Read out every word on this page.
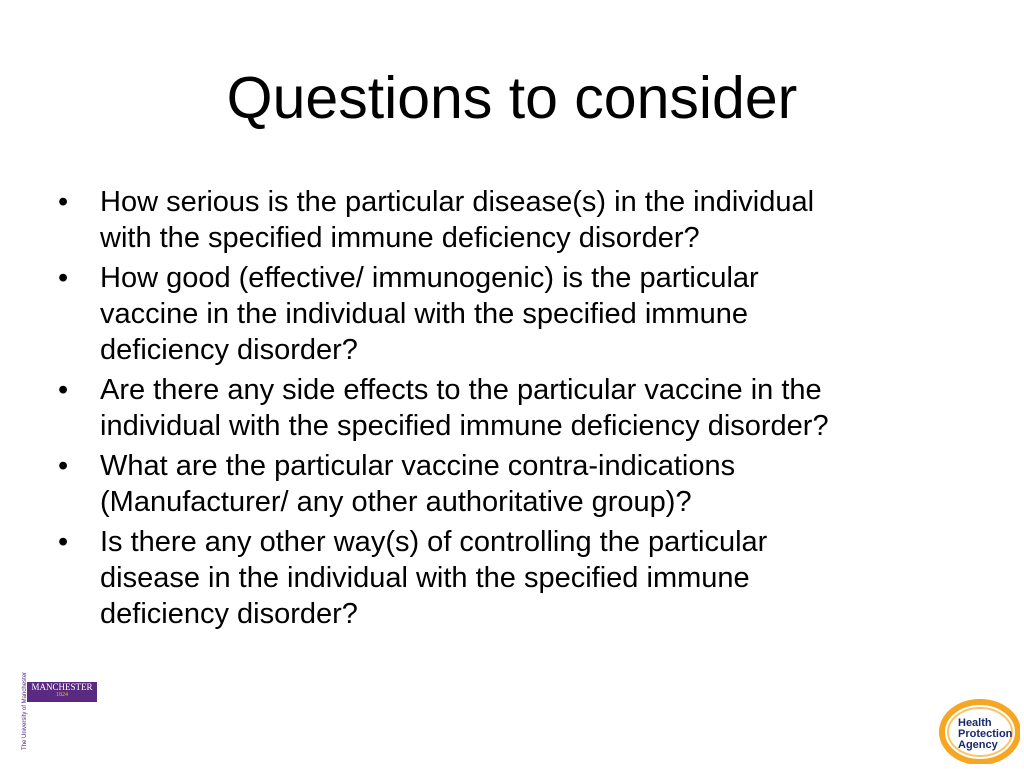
Questions to consider
•	How serious is the particular disease(s) in the individual
with the specified immune deficiency disorder?
•	How good (effective/ immunogenic) is the particular
vaccine in the individual with the specified immune
deficiency disorder?
•	Are there any side effects to the particular vaccine in the
individual with the specified immune deficiency disorder?
•	What are the particular vaccine contra-indications
(Manufacturer/ any other authoritative group)?
•	Is there any other way(s) of controlling the particular
disease in the individual with the specified immune
deficiency disorder?
MANCHESTER
1824
The University of Manchester	Health
Protection
Agency
